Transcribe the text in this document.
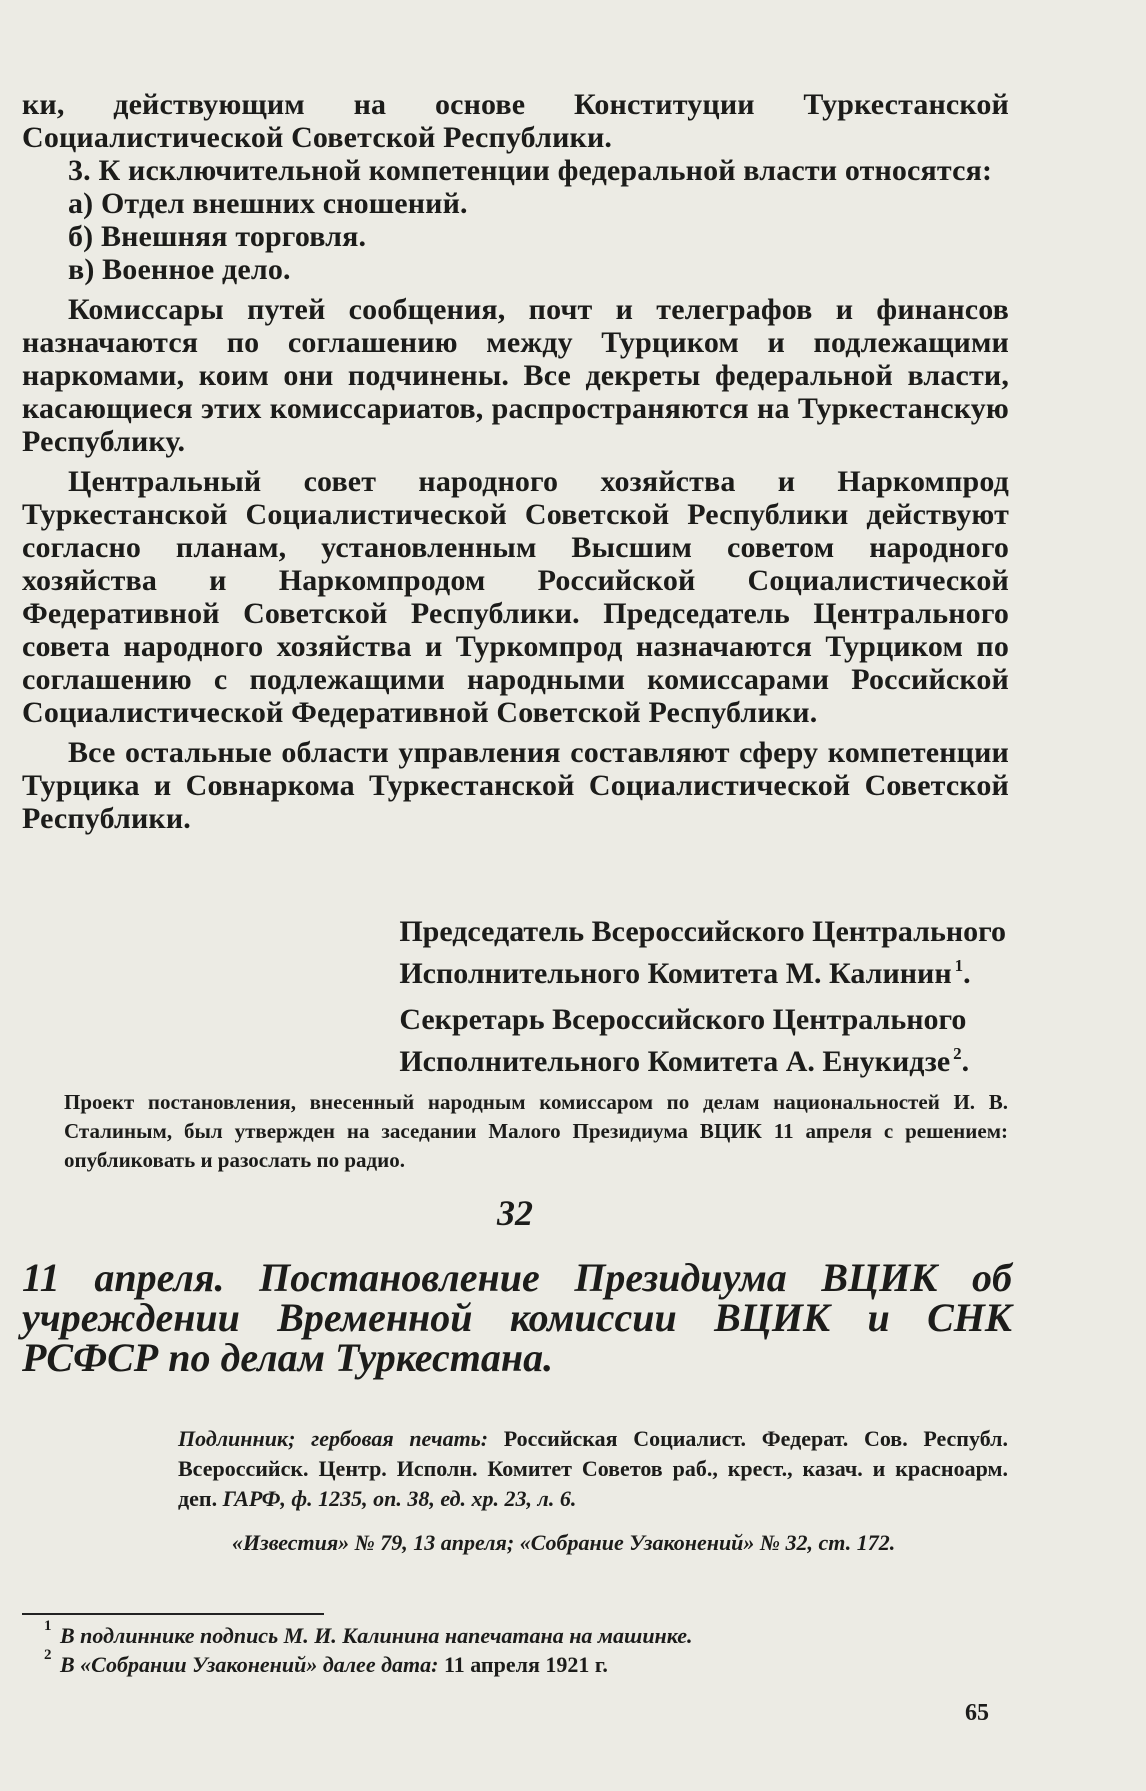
ки, действующим на основе Конституции Туркестанской Социалистической Советской Республики.

3. К исключительной компетенции федеральной власти относятся:

а) Отдел внешних сношений.

б) Внешняя торговля.

в) Военное дело.

Комиссары путей сообщения, почт и телеграфов и финансов назначаются по соглашению между Турциком и подлежащими наркомами, коим они подчинены. Все декреты федеральной власти, касающиеся этих комиссариатов, распространяются на Туркестанскую Республику.

Центральный совет народного хозяйства и Наркомпрод Туркестанской Социалистической Советской Республики действуют согласно планам, установленным Высшим советом народного хозяйства и Наркомпродом Российской Социалистической Федеративной Советской Республики. Председатель Центрального совета народного хозяйства и Туркомпрод назначаются Турциком по соглашению с подлежащими народными комиссарами Российской Социалистической Федеративной Советской Республики.

Все остальные области управления составляют сферу компетенции Турцика и Совнаркома Туркестанской Социалистической Советской Республики.

Председатель Всероссийского Центрального
Исполнительного Комитета М. Калинин $^1$.
Секретарь Всероссийского Центрального
Исполнительного Комитета А. Енукидзе $^2$.
Проект постановления, внесенный народным комиссаром по делам национальностей И. В. Сталиным, был утвержден на заседании Малого Президиума ВЦИК 11 апреля с решением: опубликовать и разослать по радио.
32
11 апреля. Постановление Президиума ВЦИК об учреждении Временной комиссии ВЦИК и СНК РСФСР по делам Туркестана.
Подлинник; гербовая печать: Российская Социалист. Федерат. Сов. Республ. Всероссийск. Центр. Исполн. Комитет Советов раб., крест., казач. и красноарм. деп. ГАРФ, ф. 1235, оп. 38, ед. хр. 23, л. 6.
«Известия» № 79, 13 апреля; «Собрание Узаконений» № 32, ст. 172.
1 В подлиннике подпись М. И. Калинина напечатана на машинке.
2 В «Собрании Узаконений» далее дата: 11 апреля 1921 г.
65
